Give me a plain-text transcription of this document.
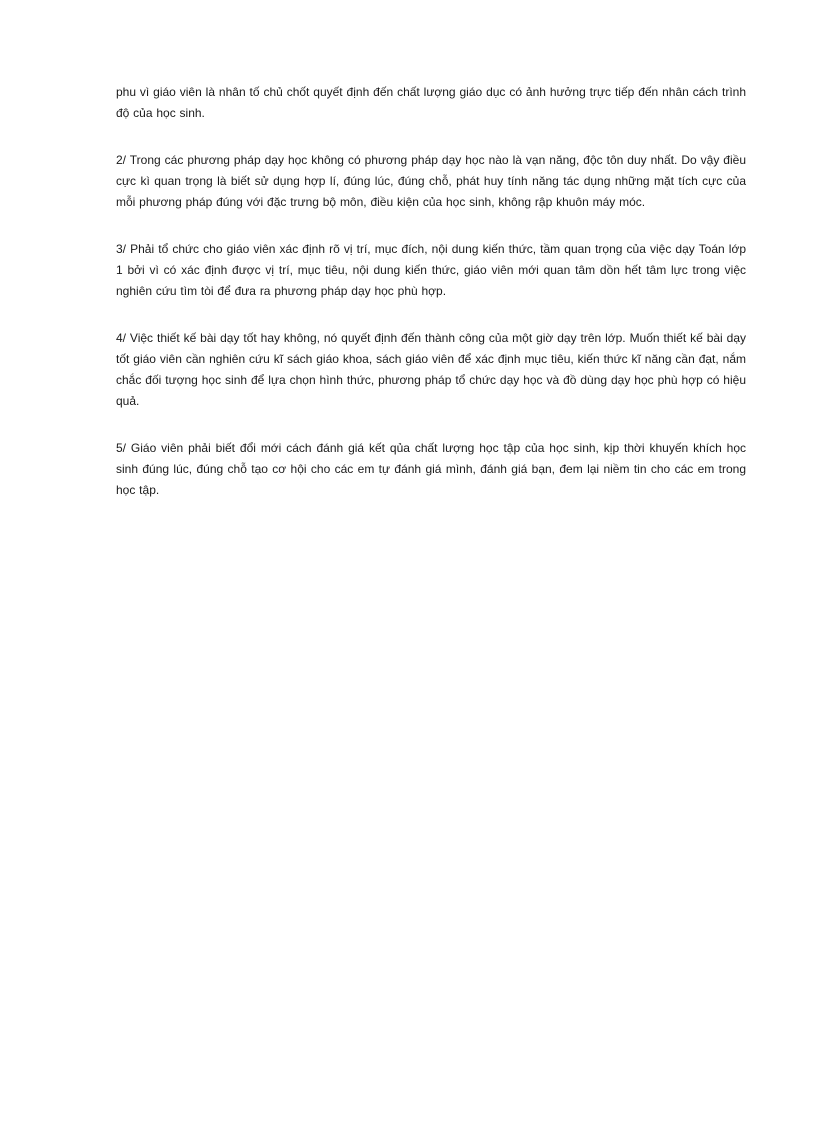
phu vì giáo viên là nhân tố chủ chốt quyết định đến chất lượng giáo dục có ảnh hưởng trực tiếp đến nhân cách trình độ của học sinh.

2/ Trong các phương pháp dạy học không có phương pháp dạy học nào là vạn năng, độc tôn duy nhất. Do vậy điều cực kì quan trọng là biết sử dụng hợp lí, đúng lúc, đúng chỗ, phát huy tính năng tác dụng những mặt tích cực của mỗi phương pháp đúng với đặc trưng bộ môn, điều kiện của học sinh, không rập khuôn máy móc.

3/ Phải tổ chức cho giáo viên xác định rõ vị trí, mục đích, nội dung kiến thức, tầm quan trọng của việc dạy Toán lớp 1 bởi vì có xác định được vị trí, mục tiêu, nội dung kiến thức, giáo viên mới quan tâm dồn hết tâm lực trong việc nghiên cứu tìm tòi để đưa ra phương pháp dạy học phù hợp.

4/ Việc thiết kế bài dạy tốt hay không, nó quyết định đến thành công của một giờ dạy trên lớp. Muốn thiết kế bài dạy tốt giáo viên cần nghiên cứu kĩ sách giáo khoa, sách giáo viên để xác định mục tiêu, kiến thức kĩ năng cần đạt, nắm chắc đối tượng học sinh để lựa chọn hình thức, phương pháp tổ chức dạy học và đồ dùng dạy học phù hợp có hiệu quả.

5/ Giáo viên phải biết đổi mới cách đánh giá kết qủa chất lượng học tập của học sinh, kịp thời khuyến khích học sinh đúng lúc, đúng chỗ tạo cơ hội cho các em tự đánh giá mình, đánh giá bạn, đem lại niềm tin cho các em trong học tập.
